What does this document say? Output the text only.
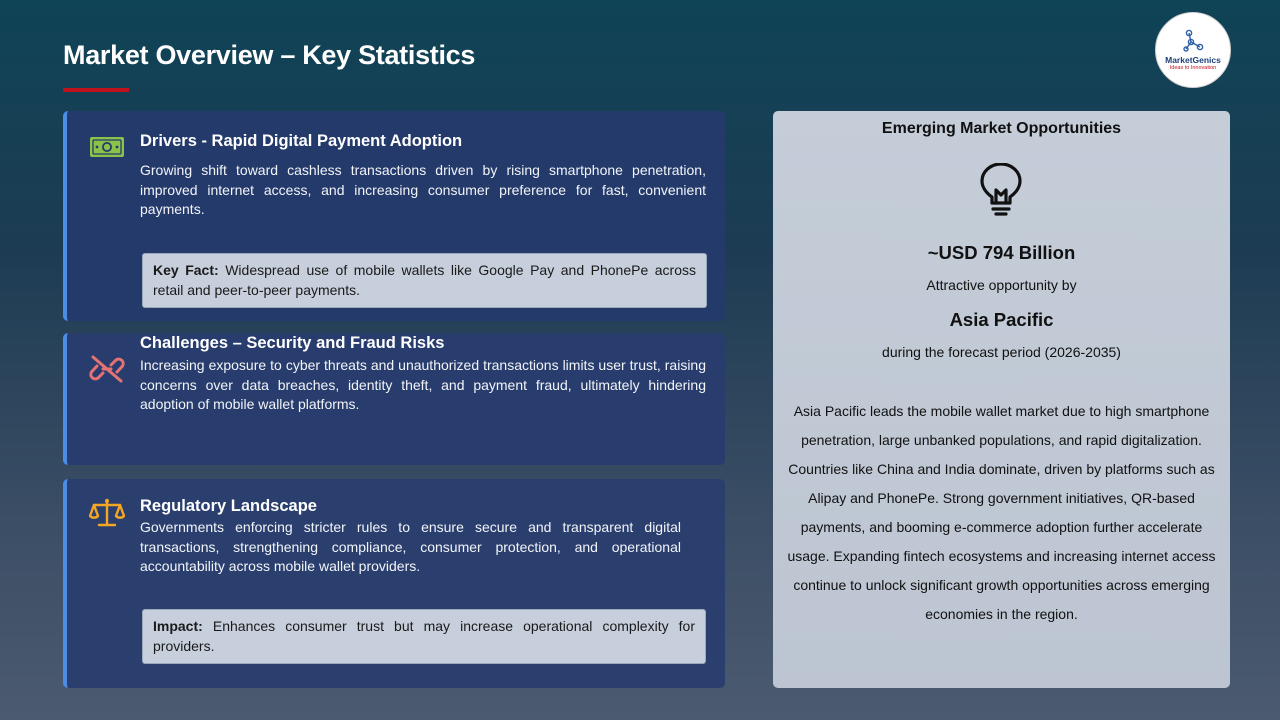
Market Overview – Key Statistics	MarketGenics
Ideas to Innovation
Drivers - Rapid Digital Payment Adoption
Growing shift toward cashless transactions driven by rising smartphone penetration, improved internet access, and increasing consumer preference for fast, convenient payments.
Key Fact: Widespread use of mobile wallets like Google Pay and PhonePe across retail and peer-to-peer payments.
Challenges – Security and Fraud Risks
Increasing exposure to cyber threats and unauthorized transactions limits user trust, raising concerns over data breaches, identity theft, and payment fraud, ultimately hindering adoption of mobile wallet platforms.
Regulatory Landscape
Governments enforcing stricter rules to ensure secure and transparent digital transactions, strengthening compliance, consumer protection, and operational accountability across mobile wallet providers.
Impact: Enhances consumer trust but may increase operational complexity for providers.
Emerging Market Opportunities
~USD 794 Billion
Attractive opportunity by
Asia Pacific
during the forecast period (2026-2035)
Asia Pacific leads the mobile wallet market due to high smartphone penetration, large unbanked populations, and rapid digitalization. Countries like China and India dominate, driven by platforms such as Alipay and PhonePe. Strong government initiatives, QR-based payments, and booming e-commerce adoption further accelerate usage. Expanding fintech ecosystems and increasing internet access continue to unlock significant growth opportunities across emerging economies in the region.
